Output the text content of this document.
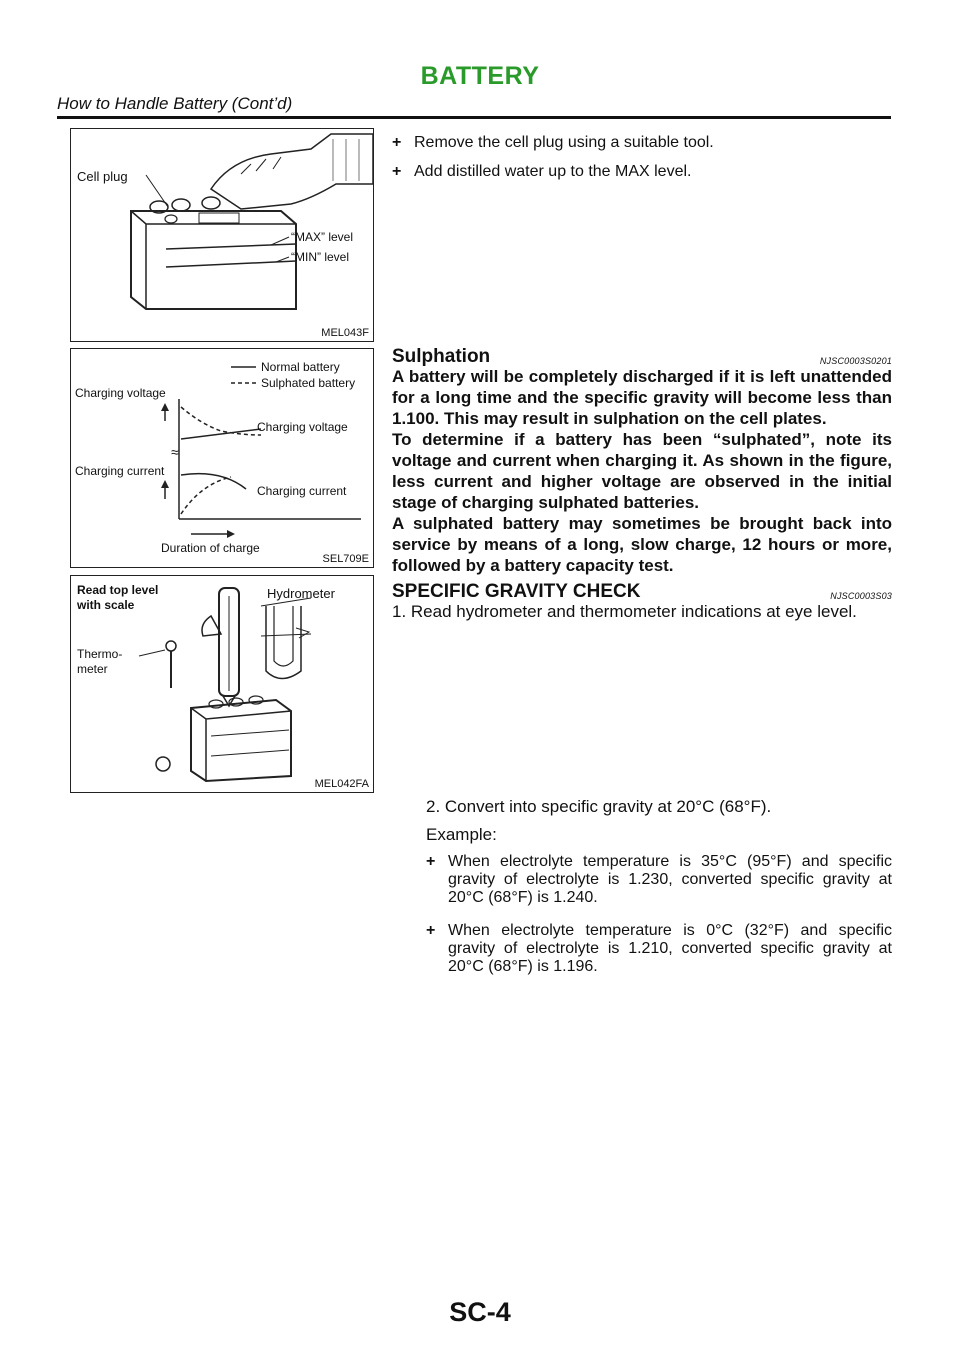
BATTERY
How to Handle Battery (Cont’d)
Cell plug
“MAX” level
“MIN” level
MEL043F
Normal battery
Sulphated battery
≈
Charging voltage
Charging voltage
Charging current
Charging current
Duration of charge
SEL709E
Read top level
with scale
Hydrometer
Thermo-
meter
MEL042FA
+ Remove the cell plug using a suitable tool.
+ Add distilled water up to the MAX level.
Sulphation	NJSC0003S0201
A battery will be completely discharged if it is left unattended for a long time and the specific gravity will become less than 1.100. This may result in sulphation on the cell plates.
To determine if a battery has been “sulphated”, note its voltage and current when charging it. As shown in the figure, less current and higher voltage are observed in the initial stage of charging sulphated batteries.
A sulphated battery may sometimes be brought back into service by means of a long, slow charge, 12 hours or more, followed by a battery capacity test.
SPECIFIC GRAVITY CHECK	NJSC0003S03
1. Read hydrometer and thermometer indications at eye level.
2. Convert into specific gravity at 20°C (68°F).
Example:
+ When electrolyte temperature is 35°C (95°F) and specific gravity of electrolyte is 1.230, converted specific gravity at 20°C (68°F) is 1.240.
+ When electrolyte temperature is 0°C (32°F) and specific gravity of electrolyte is 1.210, converted specific gravity at 20°C (68°F) is 1.196.
SC-4
